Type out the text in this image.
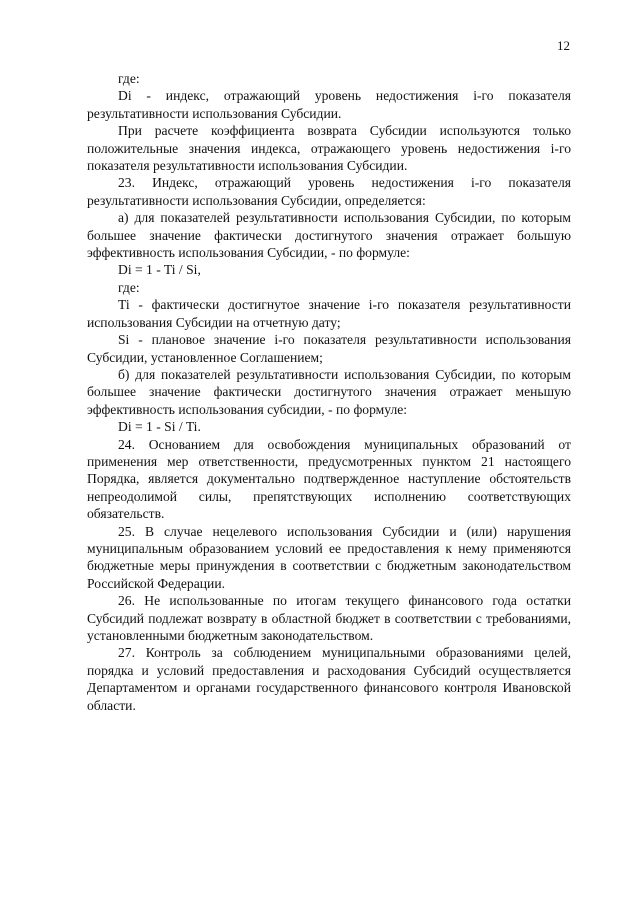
12

где:

Di - индекс, отражающий уровень недостижения i-го показателя результативности использования Субсидии.

При расчете коэффициента возврата Субсидии используются только положительные значения индекса, отражающего уровень недостижения i-го показателя результативности использования Субсидии.

23. Индекс, отражающий уровень недостижения i-го показателя результативности использования Субсидии, определяется:

а) для показателей результативности использования Субсидии, по которым большее значение фактически достигнутого значения отражает большую эффективность использования Субсидии, - по формуле:

Di = 1 - Ti / Si,

где:

Ti - фактически достигнутое значение i-го показателя результативности использования Субсидии на отчетную дату;

Si - плановое значение i-го показателя результативности использования Субсидии, установленное Соглашением;

б) для показателей результативности использования Субсидии, по которым большее значение фактически достигнутого значения отражает меньшую эффективность использования субсидии, - по формуле:

Di = 1 - Si / Ti.

24. Основанием для освобождения муниципальных образований от применения мер ответственности, предусмотренных пунктом 21 настоящего Порядка, является документально подтвержденное наступление обстоятельств непреодолимой силы, препятствующих исполнению соответствующих обязательств.

25. В случае нецелевого использования Субсидии и (или) нарушения муниципальным образованием условий ее предоставления к нему применяются бюджетные меры принуждения в соответствии с бюджетным законодательством Российской Федерации.

26. Не использованные по итогам текущего финансового года остатки Субсидий подлежат возврату в областной бюджет в соответствии с требованиями, установленными бюджетным законодательством.

27. Контроль за соблюдением муниципальными образованиями целей, порядка и условий предоставления и расходования Субсидий осуществляется Департаментом и органами государственного финансового контроля Ивановской области.
